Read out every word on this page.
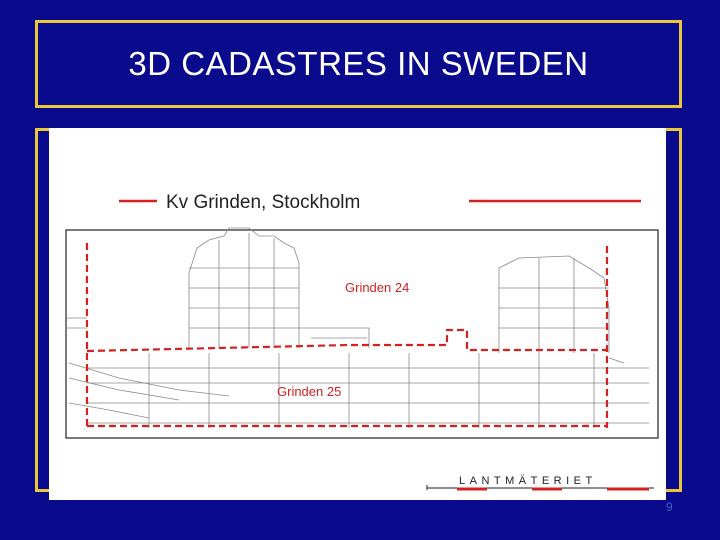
3D CADASTRES IN SWEDEN
Kv Grinden, Stockholm
Grinden 24
Grinden 25
LANTMÄTERIET
9
